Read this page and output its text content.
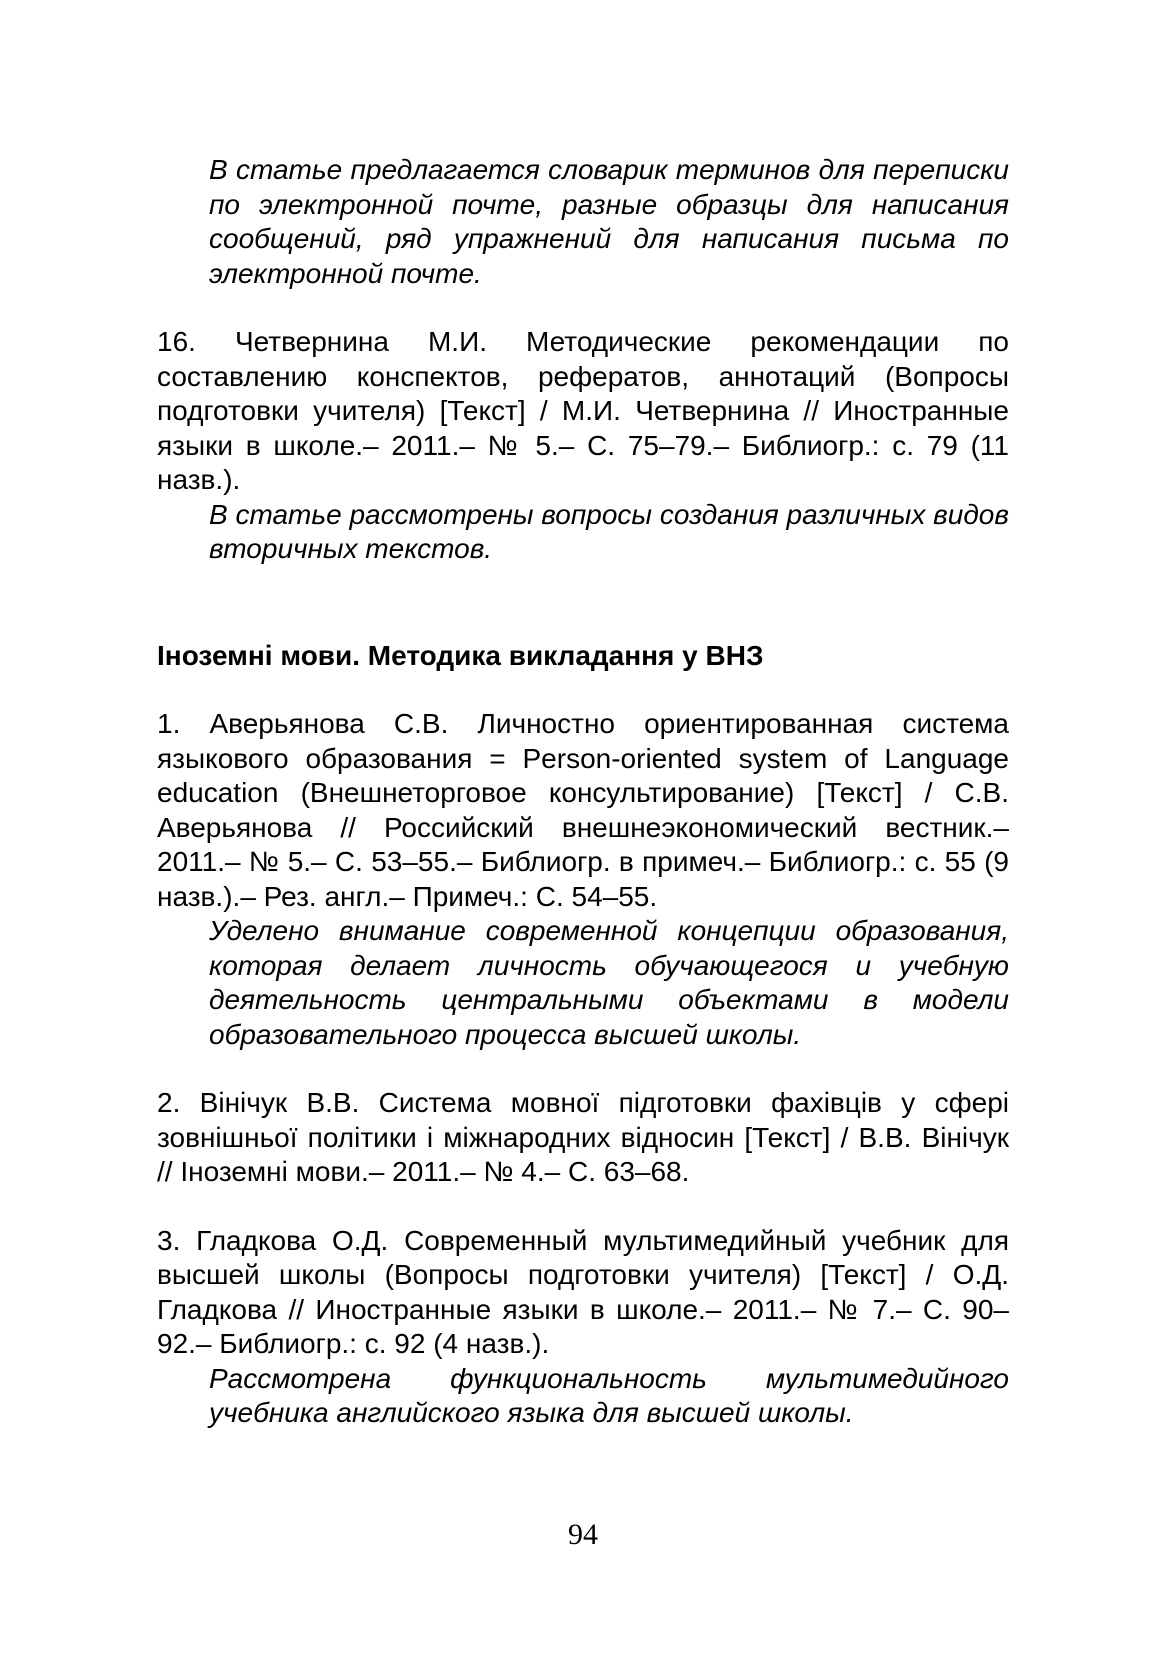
В статье предлагается словарик терминов для переписки по электронной почте, разные образцы для написания сообщений, ряд упражнений для написания письма по электронной почте.
16. Четвернина М.И. Методические рекомендации по составлению конспектов, рефератов, аннотаций (Вопросы подготовки учителя) [Текст] / М.И. Четвернина // Иностранные языки в школе.– 2011.– № 5.– С. 75–79.– Библиогр.: с. 79 (11 назв.).
В статье рассмотрены вопросы создания различных видов вторичных текстов.
Іноземні мови. Методика викладання у ВНЗ
1. Аверьянова С.В. Личностно ориентированная система языкового образования = Person-oriented system of Language education (Внешнеторговое консультирование) [Текст] / С.В. Аверьянова // Российский внешнеэкономический вестник.– 2011.– № 5.– С. 53–55.– Библиогр. в примеч.– Библиогр.: с. 55 (9 назв.).– Рез. англ.– Примеч.: С. 54–55.
Уделено внимание современной концепции образования, которая делает личность обучающегося и учебную деятельность центральными объектами в модели образовательного процесса высшей школы.
2. Вінічук В.В. Система мовної підготовки фахівців у сфері зовнішньої політики і міжнародних відносин [Текст] / В.В. Вінічук // Іноземні мови.– 2011.– № 4.– С. 63–68.
3. Гладкова О.Д. Современный мультимедийный учебник для высшей школы (Вопросы подготовки учителя) [Текст] / О.Д. Гладкова // Иностранные языки в школе.– 2011.– № 7.– С. 90–92.– Библиогр.: с. 92 (4 назв.).
Рассмотрена функциональность мультимедийного учебника английского языка для высшей школы.
94
